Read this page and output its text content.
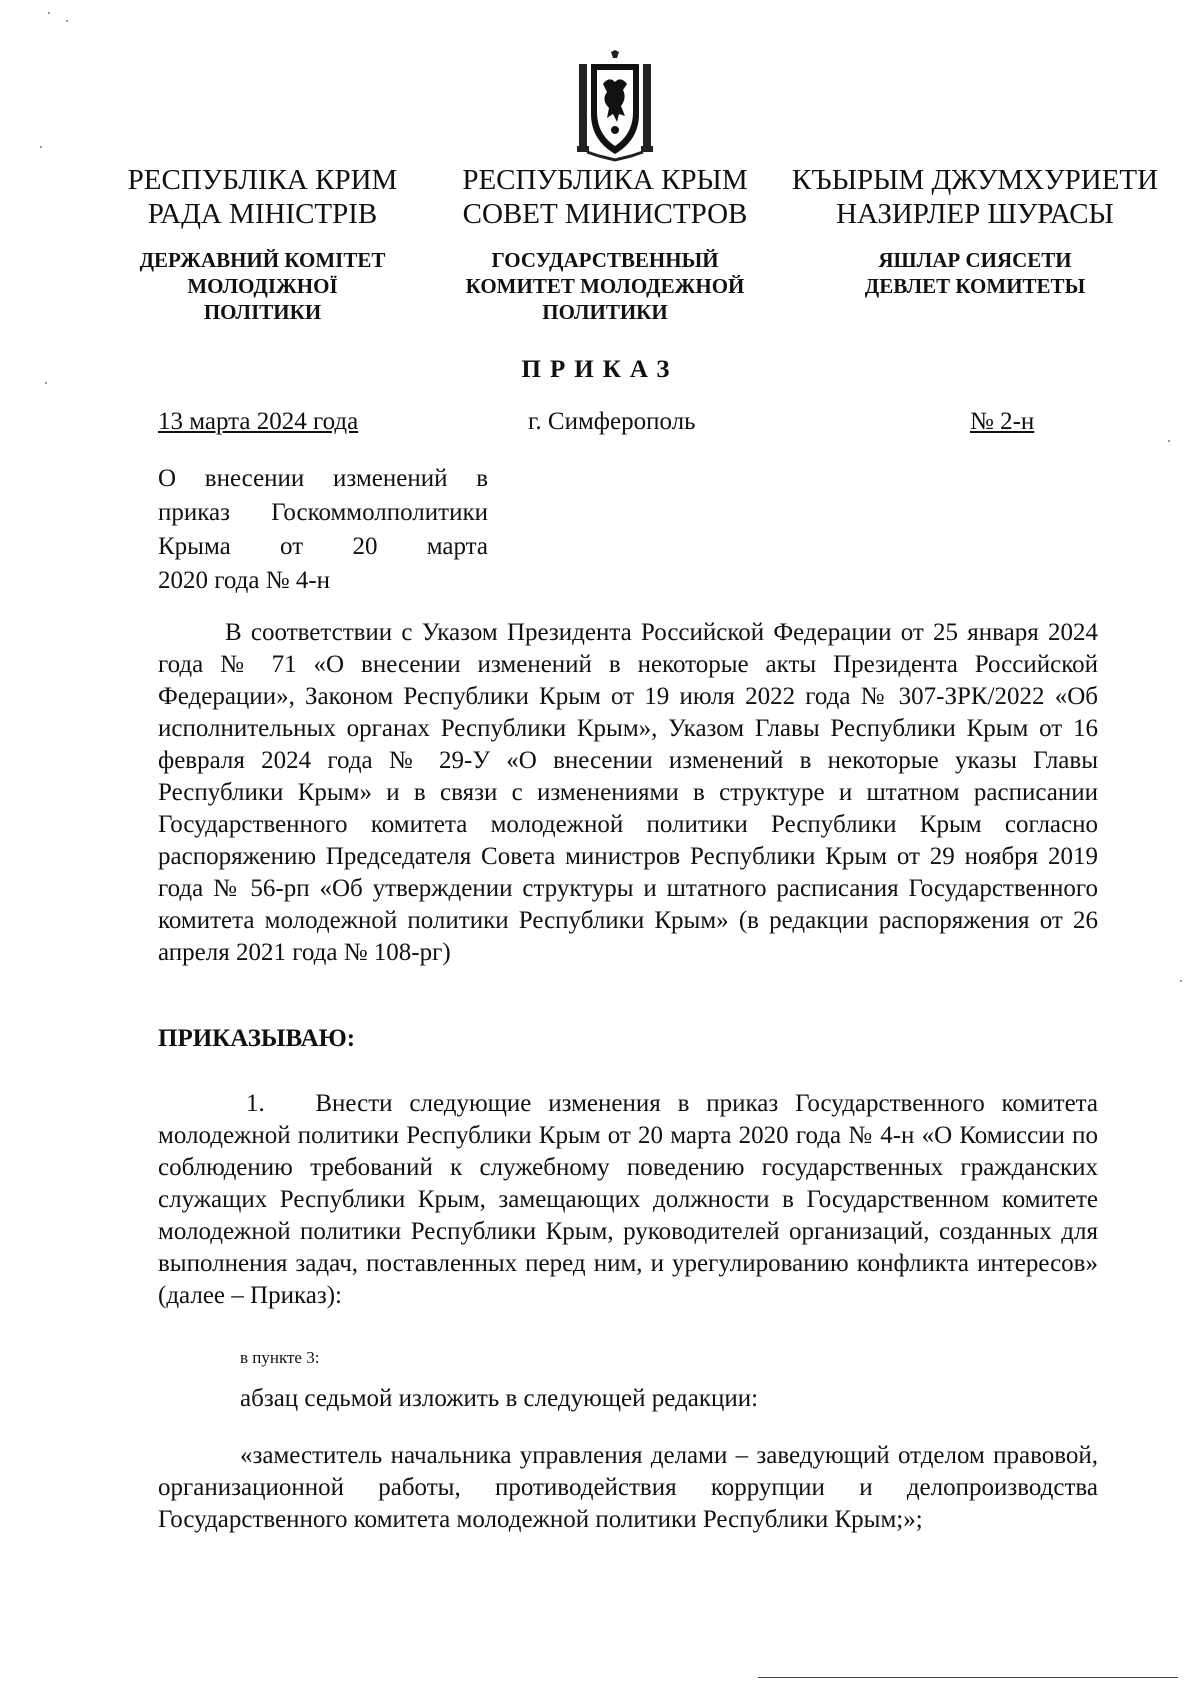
РЕСПУБЛІКА КРИМ
РАДА МІНІСТРІВ
ДЕРЖАВНИЙ КОМІТЕТ
МОЛОДІЖНОЇ
ПОЛІТИКИ
РЕСПУБЛИКА КРЫМ
СОВЕТ МИНИСТРОВ
ГОСУДАРСТВЕННЫЙ
КОМИТЕТ МОЛОДЕЖНОЙ
ПОЛИТИКИ
КЪЫРЫМ ДЖУМХУРИЕТИ
НАЗИРЛЕР ШУРАСЫ
ЯШЛАР СИЯСЕТИ
ДЕВЛЕТ КОМИТЕТЫ
ПРИКАЗ
13 марта 2024 года	г. Симферополь	№ 2-н
О внесении изменений в
приказ Госкоммолполитики
Крыма от 20 марта
2020 года № 4-н
В соответствии с Указом Президента Российской Федерации от 25 января 2024 года № 71 «О внесении изменений в некоторые акты Президента Российской Федерации», Законом Республики Крым от 19 июля 2022 года № 307-ЗРК/2022 «Об исполнительных органах Республики Крым», Указом Главы Республики Крым от 16 февраля 2024 года № 29-У «О внесении изменений в некоторые указы Главы Республики Крым» и в связи с изменениями в структуре и штатном расписании Государственного комитета молодежной политики Республики Крым согласно распоряжению Председателя Совета министров Республики Крым от 29 ноября 2019 года № 56-рп «Об утверждении структуры и штатного расписания Государственного комитета молодежной политики Республики Крым» (в редакции распоряжения от 26 апреля 2021 года № 108-рг)
ПРИКАЗЫВАЮ:
1. Внести следующие изменения в приказ Государственного комитета молодежной политики Республики Крым от 20 марта 2020 года № 4-н «О Комиссии по соблюдению требований к служебному поведению государственных гражданских служащих Республики Крым, замещающих должности в Государственном комитете молодежной политики Республики Крым, руководителей организаций, созданных для выполнения задач, поставленных перед ним, и урегулированию конфликта интересов» (далее – Приказ):
в пункте 3:
абзац седьмой изложить в следующей редакции:
«заместитель начальника управления делами – заведующий отделом правовой, организационной работы, противодействия коррупции и делопроизводства Государственного комитета молодежной политики Республики Крым;»;
